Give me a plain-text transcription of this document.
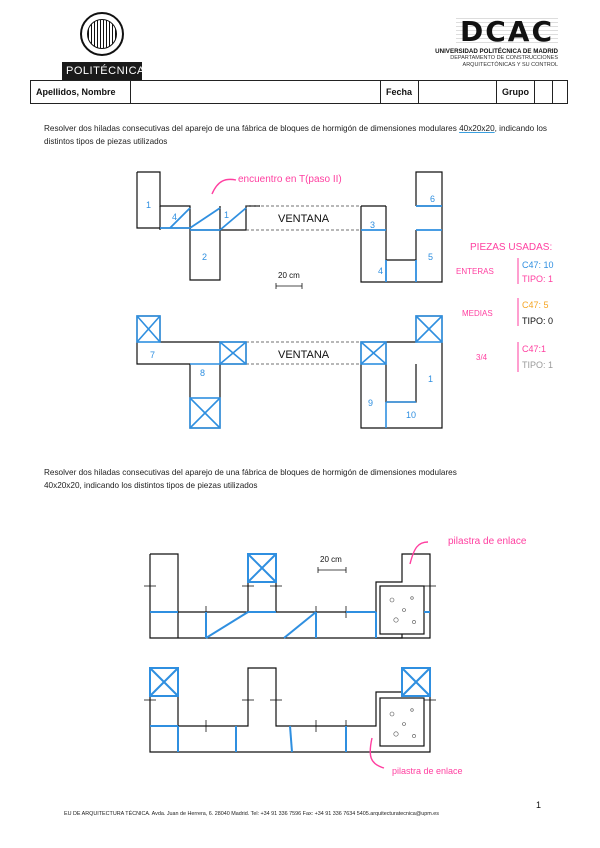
POLITÉCNICA
DCAC
UNIVERSIDAD POLITÉCNICA DE MADRID
DEPARTAMENTO DE CONSTRUCCIONES
ARQUITECTÓNICAS Y SU CONTROL
Apellidos, Nombre	Fecha	Grupo
Resolver dos hiladas consecutivas del aparejo de una fábrica de bloques de hormigón de dimensiones modulares 40x20x20, indicando los distintos tipos de piezas utilizados
VENTANA
VENTANA
20 cm
1
4	1
2
3
6
4
5
encuentro en T(paso II)
7
8
9
1
10
PIEZAS USADAS:
ENTERAS
C47: 10
TIPO: 1
MEDIAS
C47: 5
TIPO: 0
3/4
C47:1
TIPO: 1
Resolver dos hiladas consecutivas del aparejo de una fábrica de bloques de hormigón de dimensiones modulares
40x20x20, indicando los distintos tipos de piezas utilizados
20 cm
pilastra de enlace
pilastra de enlace
1
EU DE ARQUITECTURA TÉCNICA. Avda. Juan de Herrera, 6. 28040 Madrid. Tel: +34 91 336 7596 Fax: +34 91 336 7634 5405.arquitecturatecnica@upm.es
